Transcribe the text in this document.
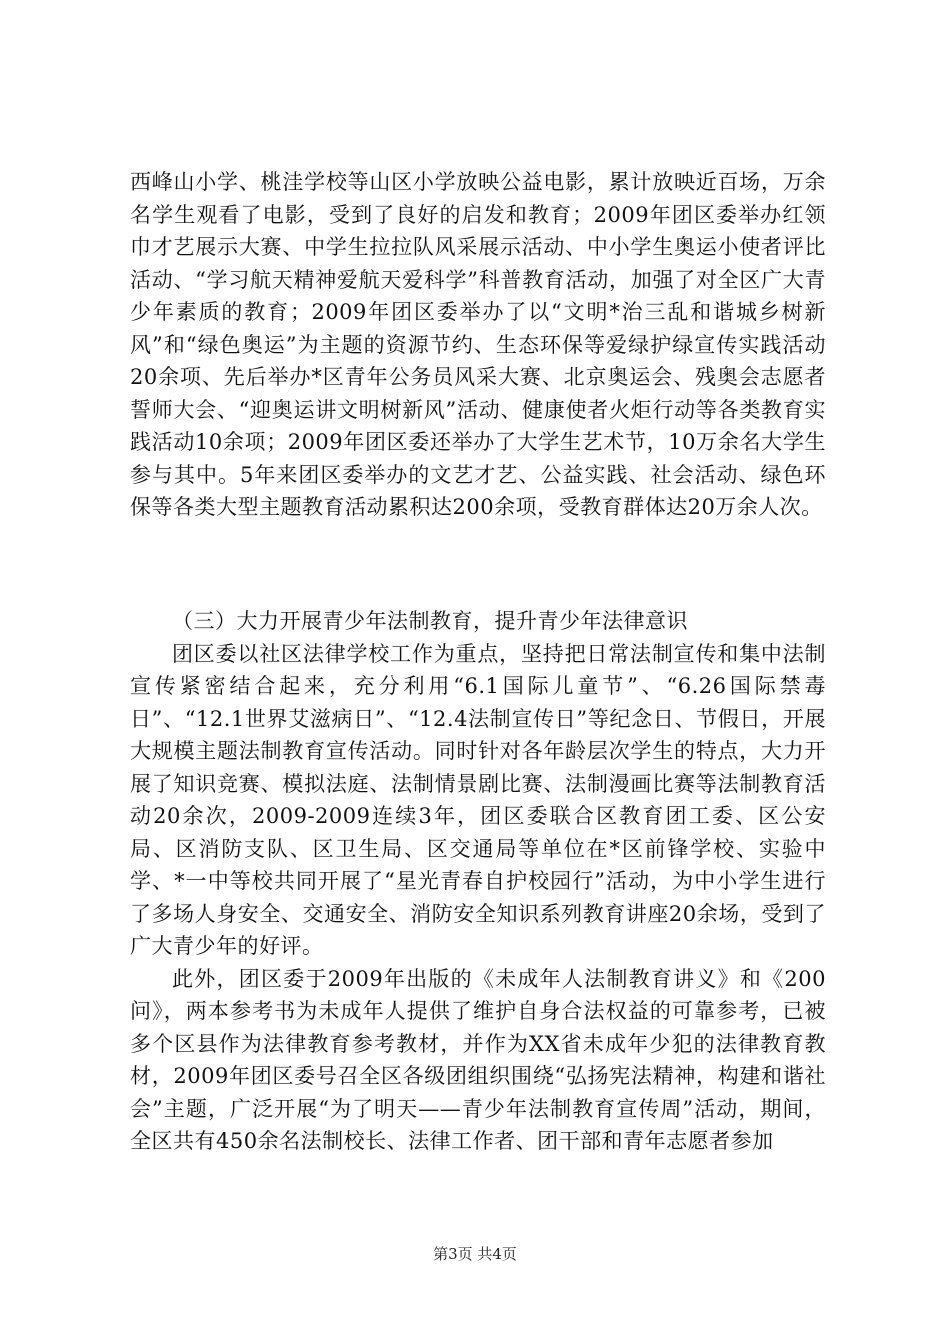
西峰山小学、桃洼学校等山区小学放映公益电影，累计放映近百场，万余名学生观看了电影，受到了良好的启发和教育；2009年团区委举办红领巾才艺展示大赛、中学生拉拉队风采展示活动、中小学生奥运小使者评比活动、“学习航天精神爱航天爱科学”科普教育活动，加强了对全区广大青少年素质的教育；2009年团区委举办了以“文明*治三乱和谐城乡树新风”和“绿色奥运”为主题的资源节约、生态环保等爱绿护绿宣传实践活动20余项、先后举办*区青年公务员风采大赛、北京奥运会、残奥会志愿者誓师大会、“迎奥运讲文明树新风”活动、健康使者火炬行动等各类教育实践活动10余项；2009年团区委还举办了大学生艺术节，10万余名大学生参与其中。5年来团区委举办的文艺才艺、公益实践、社会活动、绿色环保等各类大型主题教育活动累积达200余项，受教育群体达20万余人次。

（三）大力开展青少年法制教育，提升青少年法律意识

团区委以社区法律学校工作为重点，坚持把日常法制宣传和集中法制宣传紧密结合起来，充分利用“6.1国际儿童节”、“6.26国际禁毒日”、“12.1世界艾滋病日”、“12.4法制宣传日”等纪念日、节假日，开展大规模主题法制教育宣传活动。同时针对各年龄层次学生的特点，大力开展了知识竞赛、模拟法庭、法制情景剧比赛、法制漫画比赛等法制教育活动20余次，2009-2009连续3年，团区委联合区教育团工委、区公安局、区消防支队、区卫生局、区交通局等单位在*区前锋学校、实验中学、*一中等校共同开展了“星光青春自护校园行”活动，为中小学生进行了多场人身安全、交通安全、消防安全知识系列教育讲座20余场，受到了广大青少年的好评。

此外，团区委于2009年出版的《未成年人法制教育讲义》和《200问》，两本参考书为未成年人提供了维护自身合法权益的可靠参考，已被多个区县作为法律教育参考教材，并作为XX省未成年少犯的法律教育教材，2009年团区委号召全区各级团组织围绕“弘扬宪法精神，构建和谐社会”主题，广泛开展“为了明天——青少年法制教育宣传周”活动，期间，全区共有450余名法制校长、法律工作者、团干部和青年志愿者参加

第3页 共4页
